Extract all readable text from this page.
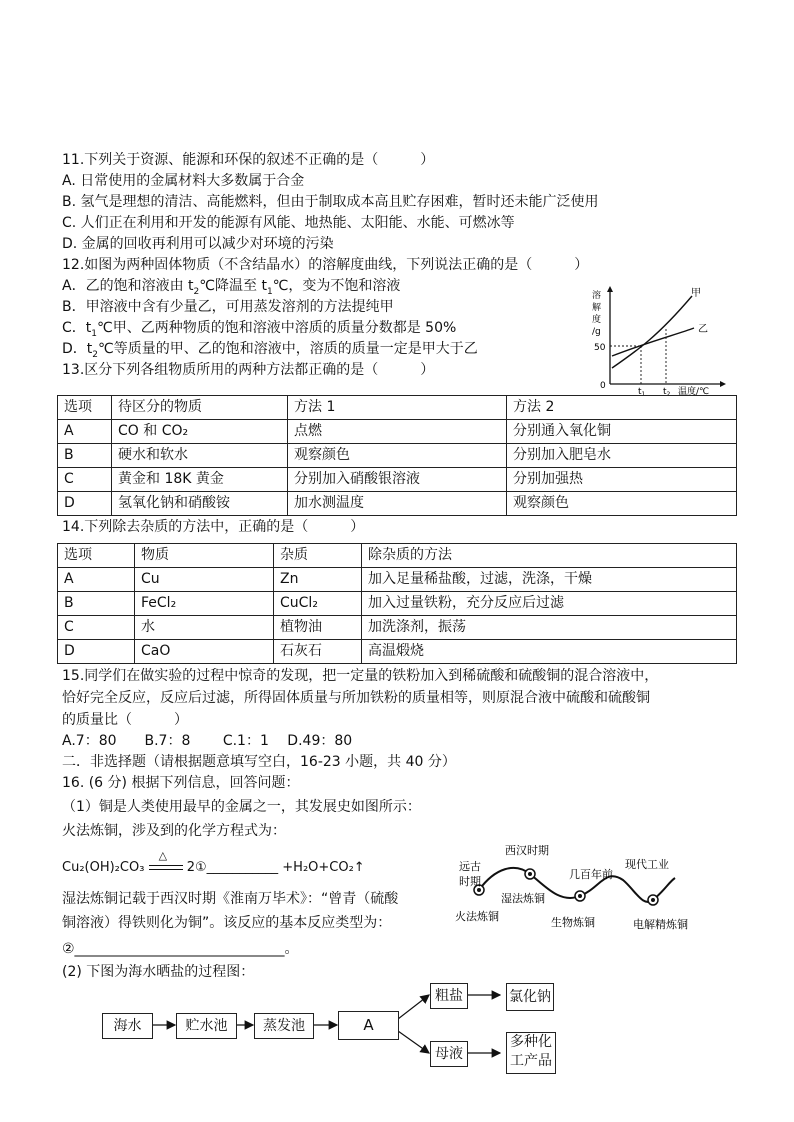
11.下列关于资源、能源和环保的叙述不正确的是（　　　）
A. 日常使用的金属材料大多数属于合金
B. 氢气是理想的清洁、高能燃料，但由于制取成本高且贮存困难，暂时还未能广泛使用
C. 人们正在利用和开发的能源有风能、地热能、太阳能、水能、可燃冰等
D. 金属的回收再利用可以减少对环境的污染
12.如图为两种固体物质（不含结晶水）的溶解度曲线，下列说法正确的是（　　　）
A．乙的饱和溶液由 $t_2℃$降温至 $t_1℃$，变为不饱和溶液
B．甲溶液中含有少量乙，可用蒸发溶剂的方法提纯甲
C．$t_1℃$甲、乙两种物质的饱和溶液中溶质的质量分数都是 50%
D．$t_2℃$等质量的甲、乙的饱和溶液中，溶质的质量一定是甲大于乙
甲
乙
溶
解
度
/g
50
0
$t_1$ $t_2$ 温度/℃
13.区分下列各组物质所用的两种方法都正确的是（　　　）
选项	待区分的物质	方法 1	方法 2
A	CO 和 CO₂	点燃	分别通入氧化铜
B	硬水和软水	观察颜色	分别加入肥皂水
C	黄金和 18K 黄金	分别加入硝酸银溶液	分别加强热
D	氢氧化钠和硝酸铵	加水测温度	观察颜色
14.下列除去杂质的方法中，正确的是（　　　）
选项	物质	杂质	除杂质的方法
A	Cu	Zn	加入足量稀盐酸，过滤，洗涤，干燥
B	FeCl₂	CuCl₂	加入过量铁粉，充分反应后过滤
C	水	植物油	加洗涤剂，振荡
D	CaO	石灰石	高温煅烧
15.同学们在做实验的过程中惊奇的发现，把一定量的铁粉加入到稀硫酸和硫酸铜的混合溶液中，
恰好完全反应，反应后过滤，所得固体质量与所加铁粉的质量相等，则原混合液中硫酸和硫酸铜
的质量比（　　　）
A.7：80　　B.7：8　　 C.1：1　 D.49：80
二．非选择题（请根据题意填写空白，16-23 小题，共 40 分）
16. (6 分) 根据下列信息，回答问题：
（1）铜是人类使用最早的金属之一，其发展史如图所示：
火法炼铜，涉及到的化学方程式为：
Cu₂(OH)₂CO₃
△
2①___________ +H₂O+CO₂↑
湿法炼铜记载于西汉时期《淮南万毕术》：“曾青（硫酸
铜溶液）得铁则化为铜”。该反应的基本反应类型为：
②______________________________。
(2) 下图为海水晒盐的过程图：
远古
时期
火法炼铜
西汉时期
湿法炼铜
几百年前
生物炼铜
现代工业
电解精炼铜
海水	贮水池	蒸发池	A
粗盐	氯化钠
母液
多种化
工产品
